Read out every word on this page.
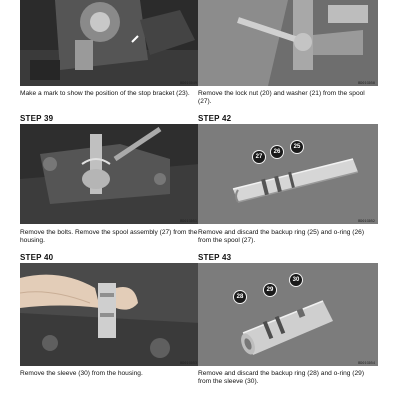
BD01G049
Make a mark to show the position of the stop bracket (23).
STEP 39
BD01G051
Remove the bolts. Remove the spool assembly (27) from the housing.
STEP 40
BD01G053
Remove the sleeve (30) from the housing.
BD01G050
Remove the lock nut (20) and washer (21) from the spool (27).
STEP 42
27
26
25
BD01G052
Remove and discard the backup ring (25) and o-ring (26) from the spool (27).
STEP 43
28
29
30
BD01G054
Remove and discard the backup ring (28) and o-ring (29) from the sleeve (30).
